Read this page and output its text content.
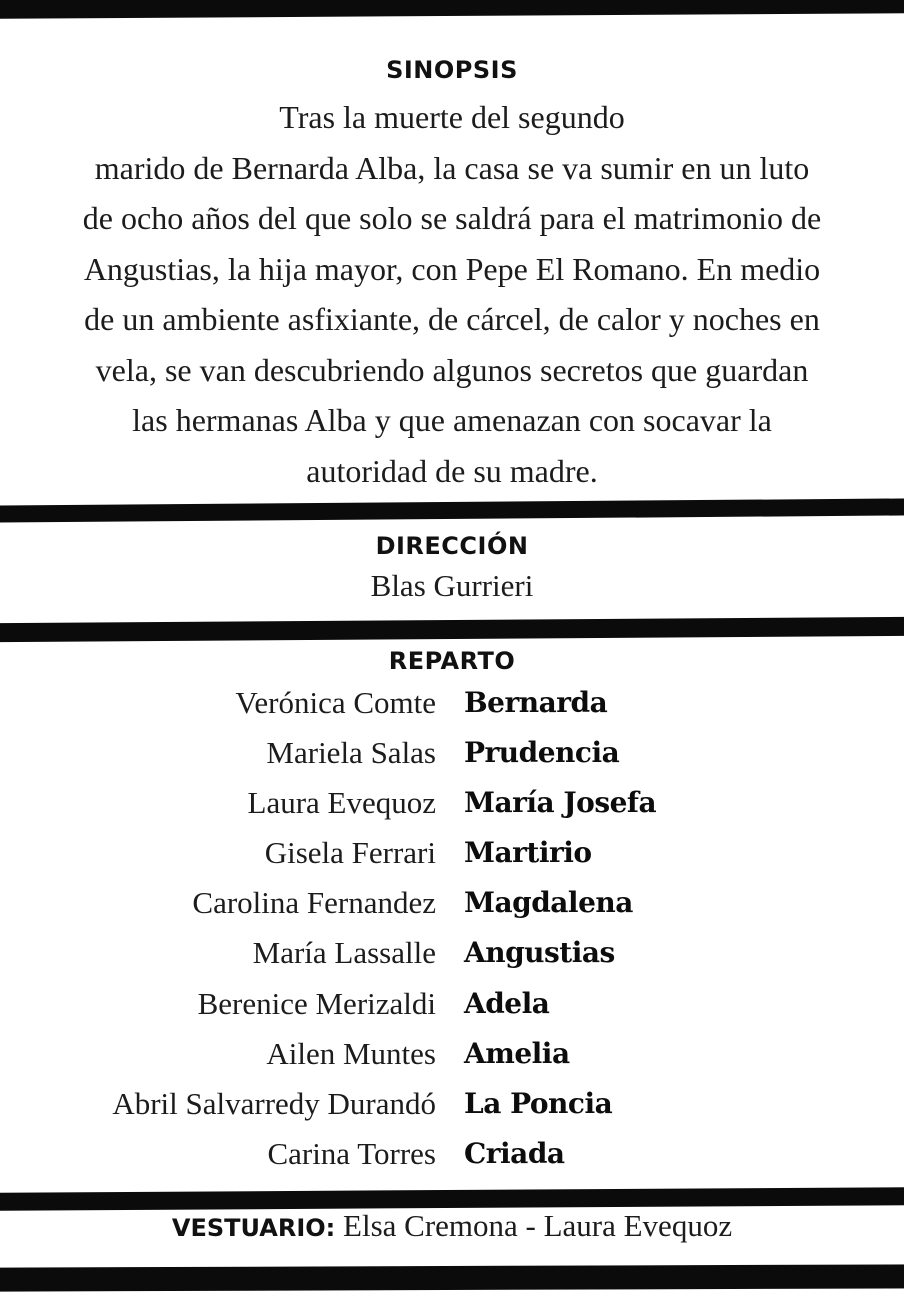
SINOPSIS
Tras la muerte del segundo
marido de Bernarda Alba, la casa se va sumir en un luto
de ocho años del que solo se saldrá para el matrimonio de
Angustias, la hija mayor, con Pepe El Romano. En medio
de un ambiente asfixiante, de cárcel, de calor y noches en
vela, se van descubriendo algunos secretos que guardan
las hermanas Alba y que amenazan con socavar la
autoridad de su madre.
DIRECCIÓN
Blas Gurrieri
REPARTO
Verónica Comte Bernarda
Mariela Salas Prudencia
Laura Evequoz María Josefa
Gisela Ferrari Martirio
Carolina Fernandez Magdalena
María Lassalle Angustias
Berenice Merizaldi Adela
Ailen Muntes Amelia
Abril Salvarredy Durandó La Poncia
Carina Torres Criada
VESTUARIO: Elsa Cremona - Laura Evequoz
